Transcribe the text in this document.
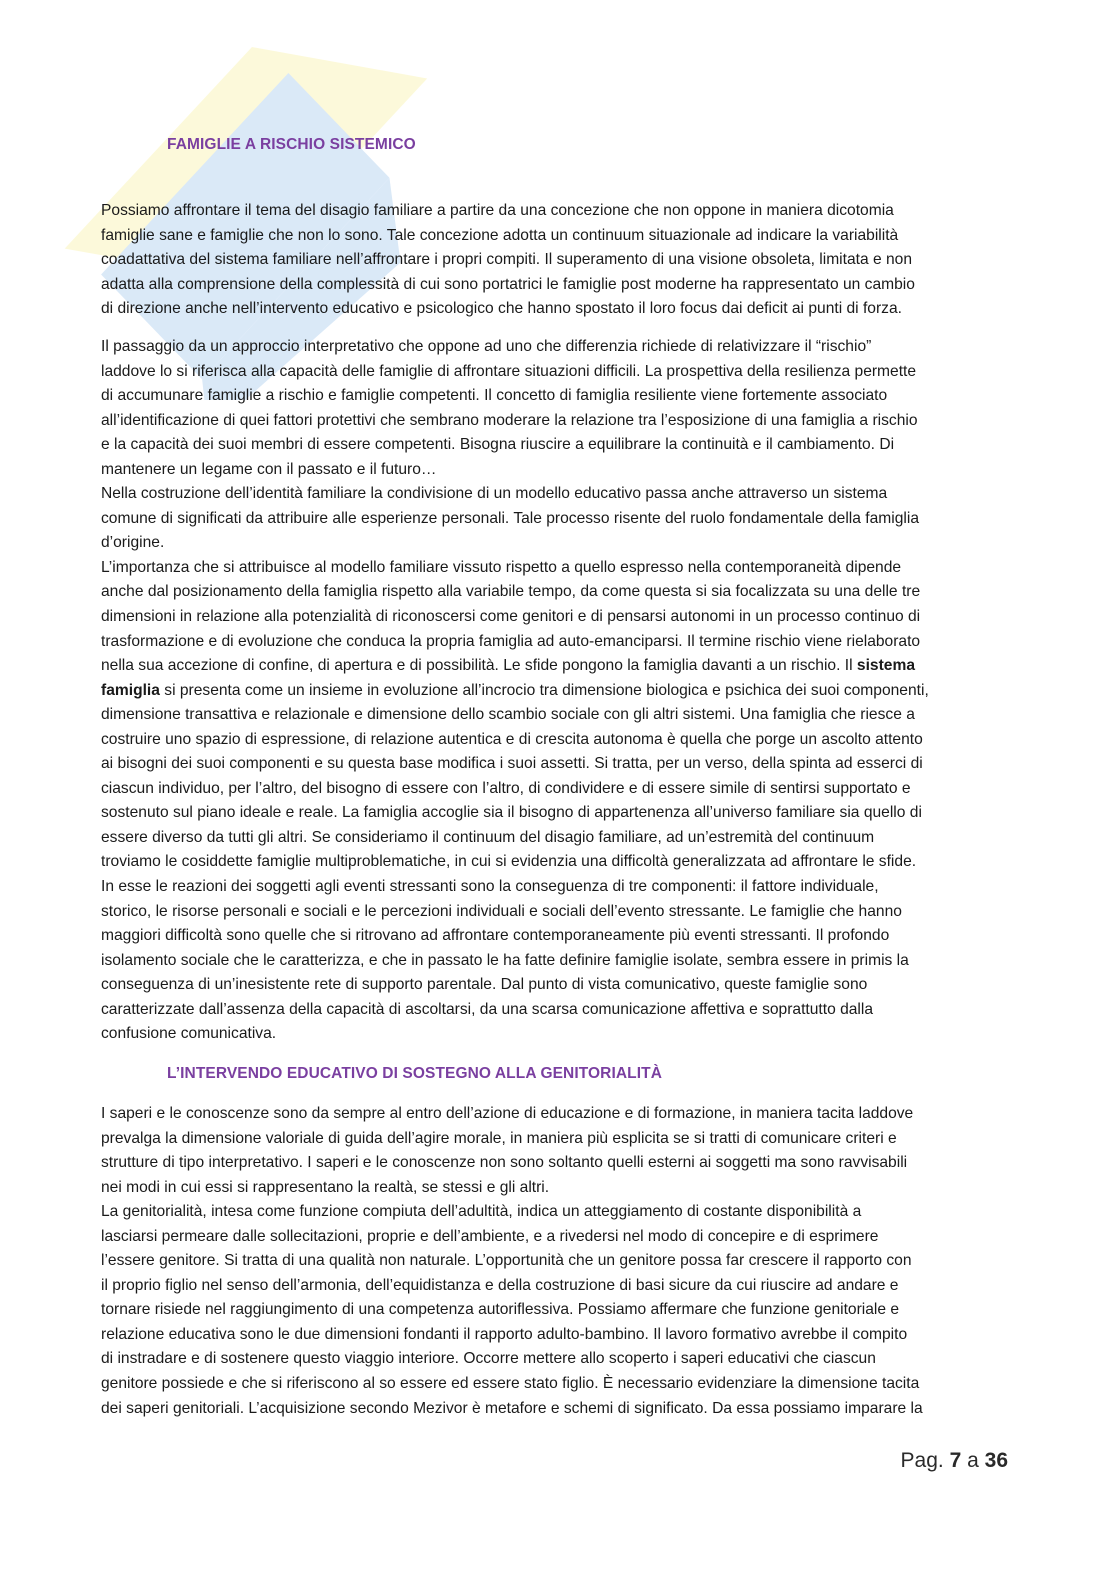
FAMIGLIE A RISCHIO SISTEMICO

Possiamo affrontare il tema del disagio familiare a partire da una concezione che non oppone in maniera dicotomia
famiglie sane e famiglie che non lo sono. Tale concezione adotta un continuum situazionale ad indicare la variabilità
coadattativa del sistema familiare nell’affrontare i propri compiti. Il superamento di una visione obsoleta, limitata e non
adatta alla comprensione della complessità di cui sono portatrici le famiglie post moderne ha rappresentato un cambio
di direzione anche nell’intervento educativo e psicologico che hanno spostato il loro focus dai deficit ai punti di forza.

Il passaggio da un approccio interpretativo che oppone ad uno che differenzia richiede di relativizzare il “rischio”
laddove lo si riferisca alla capacità delle famiglie di affrontare situazioni difficili. La prospettiva della resilienza permette
di accumunare famiglie a rischio e famiglie competenti. Il concetto di famiglia resiliente viene fortemente associato
all’identificazione di quei fattori protettivi che sembrano moderare la relazione tra l’esposizione di una famiglia a rischio
e la capacità dei suoi membri di essere competenti. Bisogna riuscire a equilibrare la continuità e il cambiamento. Di
mantenere un legame con il passato e il futuro…
Nella costruzione dell’identità familiare la condivisione di un modello educativo passa anche attraverso un sistema
comune di significati da attribuire alle esperienze personali. Tale processo risente del ruolo fondamentale della famiglia
d’origine.
L’importanza che si attribuisce al modello familiare vissuto rispetto a quello espresso nella contemporaneità dipende
anche dal posizionamento della famiglia rispetto alla variabile tempo, da come questa si sia focalizzata su una delle tre
dimensioni in relazione alla potenzialità di riconoscersi come genitori e di pensarsi autonomi in un processo continuo di
trasformazione e di evoluzione che conduca la propria famiglia ad auto-emanciparsi. Il termine rischio viene rielaborato
nella sua accezione di confine, di apertura e di possibilità. Le sfide pongono la famiglia davanti a un rischio. Il sistema
famiglia si presenta come un insieme in evoluzione all’incrocio tra dimensione biologica e psichica dei suoi componenti,
dimensione transattiva e relazionale e dimensione dello scambio sociale con gli altri sistemi. Una famiglia che riesce a
costruire uno spazio di espressione, di relazione autentica e di crescita autonoma è quella che porge un ascolto attento
ai bisogni dei suoi componenti e su questa base modifica i suoi assetti. Si tratta, per un verso, della spinta ad esserci di
ciascun individuo, per l’altro, del bisogno di essere con l’altro, di condividere e di essere simile di sentirsi supportato e
sostenuto sul piano ideale e reale. La famiglia accoglie sia il bisogno di appartenenza all’universo familiare sia quello di
essere diverso da tutti gli altri. Se consideriamo il continuum del disagio familiare, ad un’estremità del continuum
troviamo le cosiddette famiglie multiproblematiche, in cui si evidenzia una difficoltà generalizzata ad affrontare le sfide.
In esse le reazioni dei soggetti agli eventi stressanti sono la conseguenza di tre componenti: il fattore individuale,
storico, le risorse personali e sociali e le percezioni individuali e sociali dell’evento stressante. Le famiglie che hanno
maggiori difficoltà sono quelle che si ritrovano ad affrontare contemporaneamente più eventi stressanti. Il profondo
isolamento sociale che le caratterizza, e che in passato le ha fatte definire famiglie isolate, sembra essere in primis la
conseguenza di un’inesistente rete di supporto parentale. Dal punto di vista comunicativo, queste famiglie sono
caratterizzate dall’assenza della capacità di ascoltarsi, da una scarsa comunicazione affettiva e soprattutto dalla
confusione comunicativa.

L’INTERVENDO EDUCATIVO DI SOSTEGNO ALLA GENITORIALITÀ

I saperi e le conoscenze sono da sempre al entro dell’azione di educazione e di formazione, in maniera tacita laddove
prevalga la dimensione valoriale di guida dell’agire morale, in maniera più esplicita se si tratti di comunicare criteri e
strutture di tipo interpretativo. I saperi e le conoscenze non sono soltanto quelli esterni ai soggetti ma sono ravvisabili
nei modi in cui essi si rappresentano la realtà, se stessi e gli altri.
La genitorialità, intesa come funzione compiuta dell’adultità, indica un atteggiamento di costante disponibilità a
lasciarsi permeare dalle sollecitazioni, proprie e dell’ambiente, e a rivedersi nel modo di concepire e di esprimere
l’essere genitore. Si tratta di una qualità non naturale. L’opportunità che un genitore possa far crescere il rapporto con
il proprio figlio nel senso dell’armonia, dell’equidistanza e della costruzione di basi sicure da cui riuscire ad andare e
tornare risiede nel raggiungimento di una competenza autoriflessiva. Possiamo affermare che funzione genitoriale e
relazione educativa sono le due dimensioni fondanti il rapporto adulto-bambino. Il lavoro formativo avrebbe il compito
di instradare e di sostenere questo viaggio interiore. Occorre mettere allo scoperto i saperi educativi che ciascun
genitore possiede e che si riferiscono al so essere ed essere stato figlio. È necessario evidenziare la dimensione tacita
dei saperi genitoriali. L’acquisizione secondo Mezivor è metafore e schemi di significato. Da essa possiamo imparare la

Pag. 7 a 36
